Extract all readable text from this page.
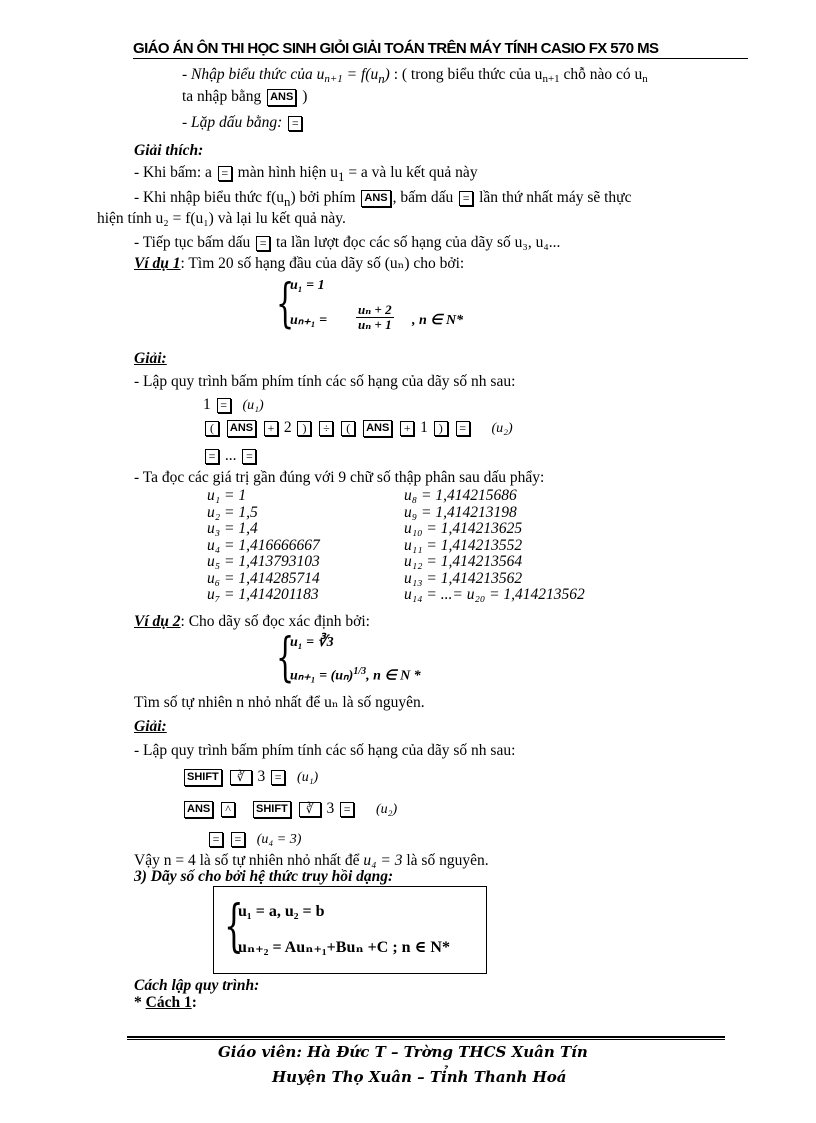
GIÁO ÁN ÔN THI HỌC SINH GIỎI GIẢI TOÁN TRÊN MÁY TÍNH CASIO FX 570 MS
- Nhập biểu thức của $un+1 = f(u_n)$ : ( trong biểu thức của un+1 chỗ nào có un
ta nhập bằng ANS )
- Lặp dấu bằng: =
Giải thích:
- Khi bấm: a = màn hình hiện $u_1 = a$ và lu kết quả này
- Khi nhập biểu thức $f(u_n)$ bởi phím ANS , bấm dấu = lần thứ nhất máy sẽ thực
hiện tính u₂ = f(u₁) và lại lu kết quả này.
- Tiếp tục bấm dấu = ta lần lượt đọc các số hạng của dãy số u₃, u₄...
Ví dụ 1: Tìm 20 số hạng đầu của dãy số (uₙ) cho bởi:
{
u₁ = 1
$u_{n+1} = \frac{\text{uₙ + 2}}{\text{uₙ + 1}}$ , n ∈ N*
Giải:
- Lập quy trình bấm phím tính các số hạng của dãy số nh sau:
1 = (u₁)
( ANS + 2 ) ÷ ( ANS + 1 ) = (u₂)
= ... =
- Ta đọc các giá trị gần đúng với 9 chữ số thập phân sau dấu phẩy:
u₁ = 1
u₂ = 1,5
u₃ = 1,4
u₄ = 1,416666667
u₅ = 1,413793103
u₆ = 1,414285714
u₇ = 1,414201183
u₈ = 1,414215686
u₉ = 1,414213198
u₁₀ = 1,414213625
u₁₁ = 1,414213552
u₁₂ = 1,414213564
u₁₃ = 1,414213562
u₁₄ = ...= u₂₀ = 1,414213562
Ví dụ 2: Cho dãy số đọc xác định bởi:
{
u₁ = ∛3
$u_{n+1} = (u_n)^{1/3}$, n ∈ N *
Tìm số tự nhiên n nhỏ nhất để uₙ là số nguyên.
Giải:
- Lập quy trình bấm phím tính các số hạng của dãy số nh sau:
SHIFT ∛ 3 = (u₁)
ANS ^ SHIFT ∛ 3 = (u₂)
= = (u₄ = 3)
Vậy n = 4 là số tự nhiên nhỏ nhất để u₄ = 3 là số nguyên.
3) Dãy số cho bởi hệ thức truy hồi dạng:
{
u₁ = a, u₂ = b
uₙ₊₂ = Auₙ₊₁+Buₙ +C ; n ∈ N*
Cách lập quy trình:
* Cách 1:
Giáo viên: Hà Đức T – Trờng THCS Xuân Tín
Huyện Thọ Xuân – Tỉnh Thanh Hoá
